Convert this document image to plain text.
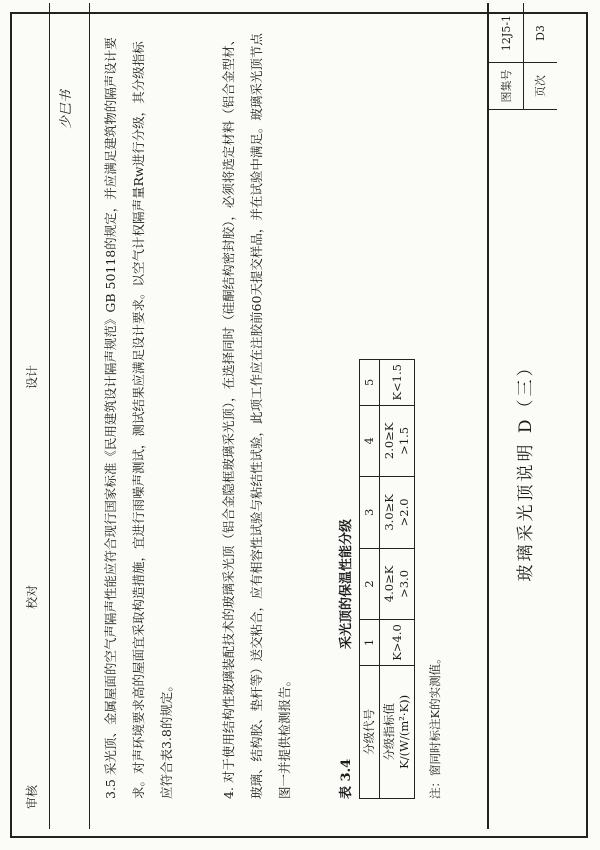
审核
校对
设计
少巳书	3.5 采光顶、金属屋面的空气声隔声性能应符合现行国家标准《民用建筑设计隔声规范》GB 50118的规定，并应满足建筑物的隔声设计要求。对声环境要求高的屋面宜采取构造措施，宜进行雨噪声测试，测试结果应满足设计要求。以空气计权隔声量Rw进行分级，其分级指标应符合表3.8的规定。	4. 对于使用结构性玻璃装配技术的玻璃采光顶（铝合金隐框玻璃采光顶），在选择同时（硅酮结构密封胶），必须将选定材料（铝合金型材、玻璃、结构胶、垫杆等）送交粘合，应有相容性试验与粘结性试验，此项工作应在注胶前60天提交样品，并在试验中满足。玻璃采光顶节点图一并提供检测报告。	表 3.4
采光顶的保温性能分级
分级代号	1	2	3	4	5
分级指标值 K/(W/(m²·K))	K>4.0	4.0≥K >3.0	3.0≥K >2.0	2.0≥K >1.5	K<1.5
注：窗同时标注K的实测值。
玻璃采光顶说明 D（三）
图集号
12J5-1
页次
D3
